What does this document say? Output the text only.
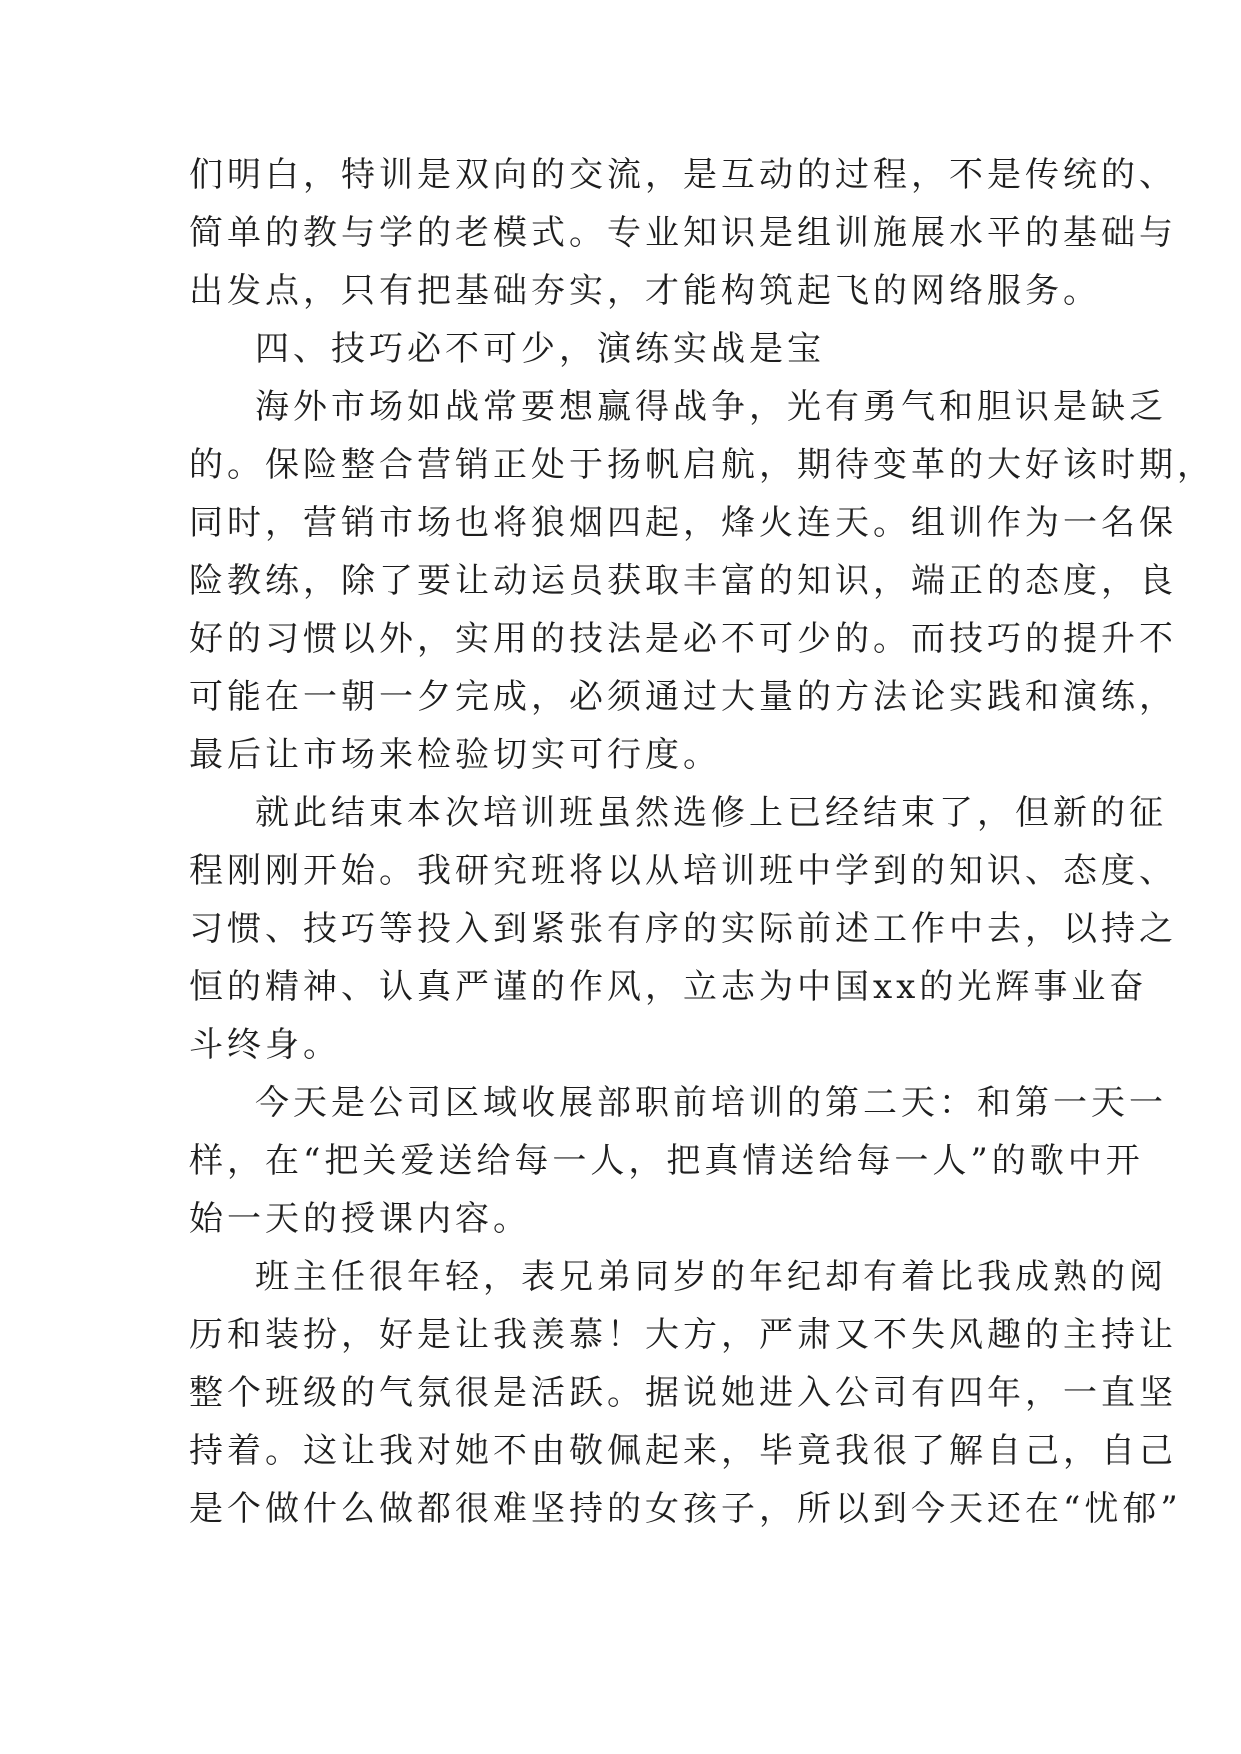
们明白，特训是双向的交流，是互动的过程，不是传统的、
简单的教与学的老模式。专业知识是组训施展水平的基础与
出发点，只有把基础夯实，才能构筑起飞的网络服务。
四、技巧必不可少，演练实战是宝
海外市场如战常要想赢得战争，光有勇气和胆识是缺乏
的。保险整合营销正处于扬帆启航，期待变革的大好该时期，
同时，营销市场也将狼烟四起，烽火连天。组训作为一名保
险教练，除了要让动运员获取丰富的知识，端正的态度，良
好的习惯以外，实用的技法是必不可少的。而技巧的提升不
可能在一朝一夕完成，必须通过大量的方法论实践和演练，
最后让市场来检验切实可行度。
就此结束本次培训班虽然选修上已经结束了，但新的征
程刚刚开始。我研究班将以从培训班中学到的知识、态度、
习惯、技巧等投入到紧张有序的实际前述工作中去，以持之
恒的精神、认真严谨的作风，立志为中国xx的光辉事业奋
斗终身。
今天是公司区域收展部职前培训的第二天：和第一天一
样，在“把关爱送给每一人，把真情送给每一人”的歌中开
始一天的授课内容。
班主任很年轻，表兄弟同岁的年纪却有着比我成熟的阅
历和装扮，好是让我羡慕！大方，严肃又不失风趣的主持让
整个班级的气氛很是活跃。据说她进入公司有四年，一直坚
持着。这让我对她不由敬佩起来，毕竟我很了解自己，自己
是个做什么做都很难坚持的女孩子，所以到今天还在“忧郁”
